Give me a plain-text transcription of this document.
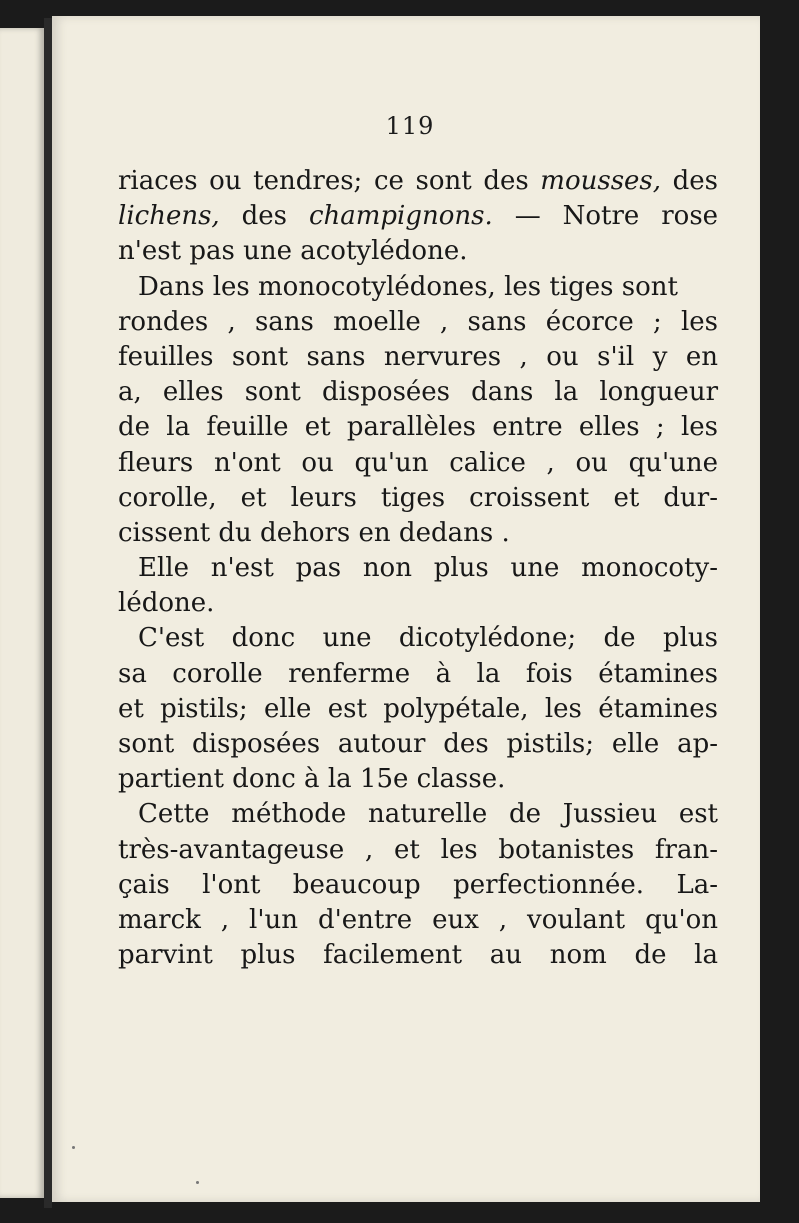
119
riaces ou tendres; ce sont des mousses, des
lichens, des champignons. — Notre rose
n'est pas une acotylédone.
Dans les monocotylédones, les tiges sont
rondes , sans moelle , sans écorce ; les
feuilles sont sans nervures , ou s'il y en
a, elles sont disposées dans la longueur
de la feuille et parallèles entre elles ; les
fleurs n'ont ou qu'un calice , ou qu'une
corolle, et leurs tiges croissent et dur-
cissent du dehors en dedans .
Elle n'est pas non plus une monocoty-
lédone.
C'est donc une dicotylédone; de plus
sa corolle renferme à la fois étamines
et pistils; elle est polypétale, les étamines
sont disposées autour des pistils; elle ap-
partient donc à la 15e classe.
Cette méthode naturelle de Jussieu est
très-avantageuse , et les botanistes fran-
çais l'ont beaucoup perfectionnée. La-
marck , l'un d'entre eux , voulant qu'on
parvint plus facilement au nom de la
